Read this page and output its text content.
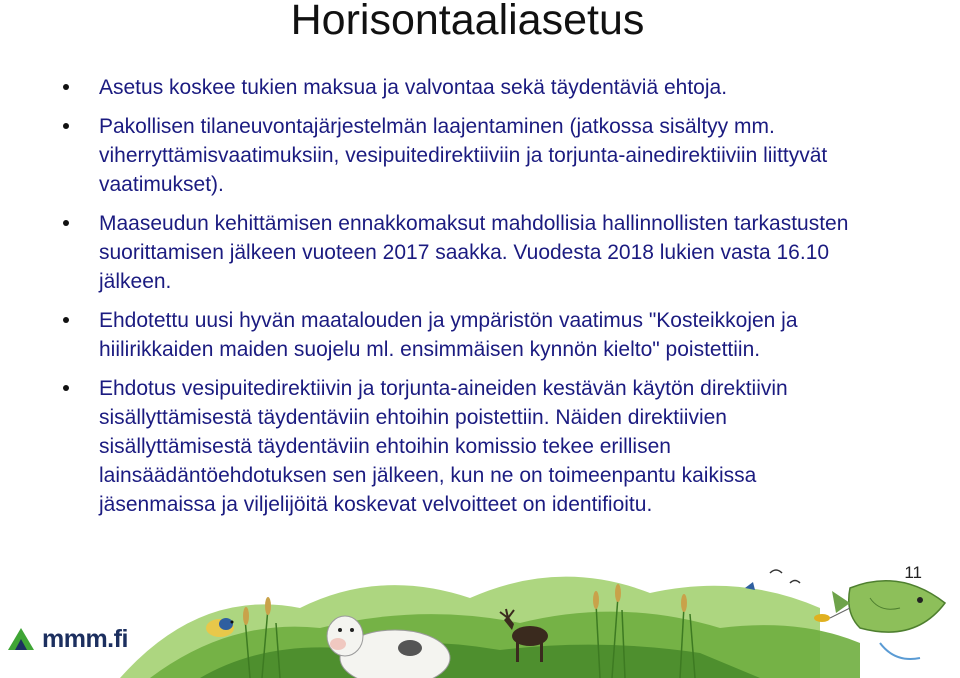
Horisontaaliasetus
Asetus koskee tukien maksua ja valvontaa sekä täydentäviä ehtoja.
Pakollisen tilaneuvontajärjestelmän laajentaminen (jatkossa sisältyy mm. viherryttämisvaatimuksiin, vesipuitedirektiiviin ja torjunta-ainedirektiiviin liittyvät vaatimukset).
Maaseudun kehittämisen ennakkomaksut mahdollisia hallinnollisten tarkastusten suorittamisen jälkeen vuoteen 2017 saakka. Vuodesta 2018 lukien vasta 16.10 jälkeen.
Ehdotettu uusi hyvän maatalouden ja ympäristön vaatimus "Kosteikkojen ja hiilirikkaiden maiden suojelu ml. ensimmäisen kynnön kielto" poistettiin.
Ehdotus vesipuitedirektiivin ja torjunta-aineiden kestävän käytön direktiivin sisällyttämisestä täydentäviin ehtoihin poistettiin. Näiden direktiivien sisällyttämisestä täydentäviin ehtoihin komissio tekee erillisen lainsäädäntöehdotuksen sen jälkeen, kun ne on toimeenpantu kaikissa jäsenmaissa ja viljelijöitä koskevat velvoitteet on identifioitu.
11
mmm.fi
